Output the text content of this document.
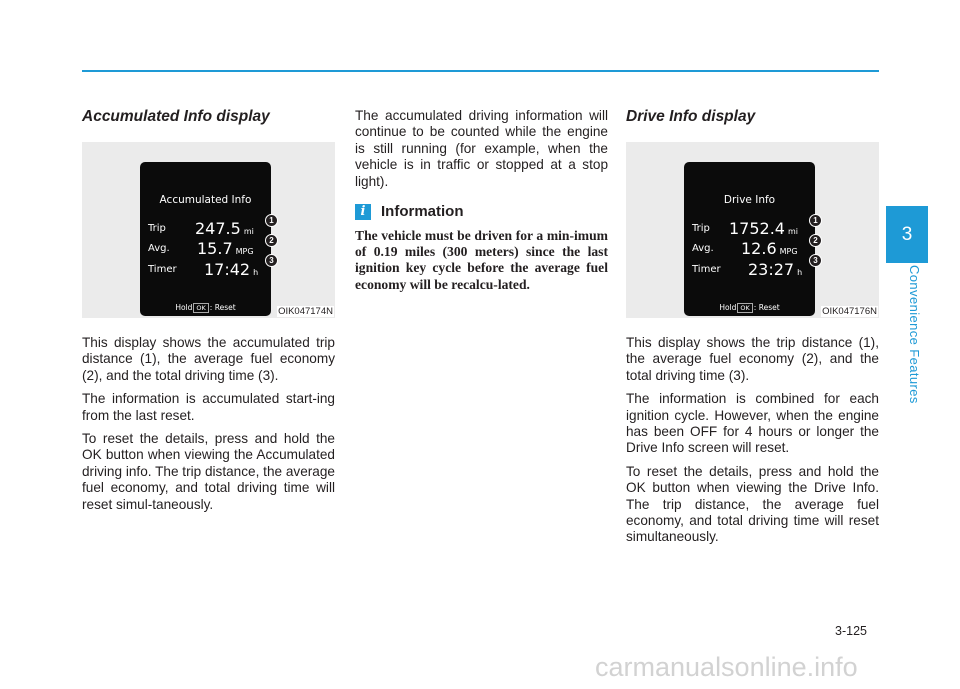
Accumulated Info display
Accumulated Info
Trip 247.5 mi
Avg. 15.7 MPG
Timer 17:42 h
Hold OK : Reset
1
2
3
OIK047174N

This display shows the accumulated trip distance (1), the average fuel economy (2), and the total driving time (3).

The information is accumulated start-ing from the last reset.

To reset the details, press and hold the OK button when viewing the Accumulated driving info. The trip distance, the average fuel economy, and total driving time will reset simul-taneously.

The accumulated driving information will continue to be counted while the engine is still running (for example, when the vehicle is in traffic or stopped at a stop light).

i	Information

The vehicle must be driven for a min-imum of 0.19 miles (300 meters) since the last ignition key cycle before the average fuel economy will be recalcu-lated.

Drive Info display
Drive Info
Trip 1752.4 mi
Avg. 12.6 MPG
Timer 23:27 h
Hold OK : Reset
1
2
3
OIK047176N

This display shows the trip distance (1), the average fuel economy (2), and the total driving time (3).

The information is combined for each ignition cycle. However, when the engine has been OFF for 4 hours or longer the Drive Info screen will reset.

To reset the details, press and hold the OK button when viewing the Drive Info. The trip distance, the average fuel economy, and total driving time will reset simultaneously.

3
Convenience Features
3-125
carmanualsonline.info
